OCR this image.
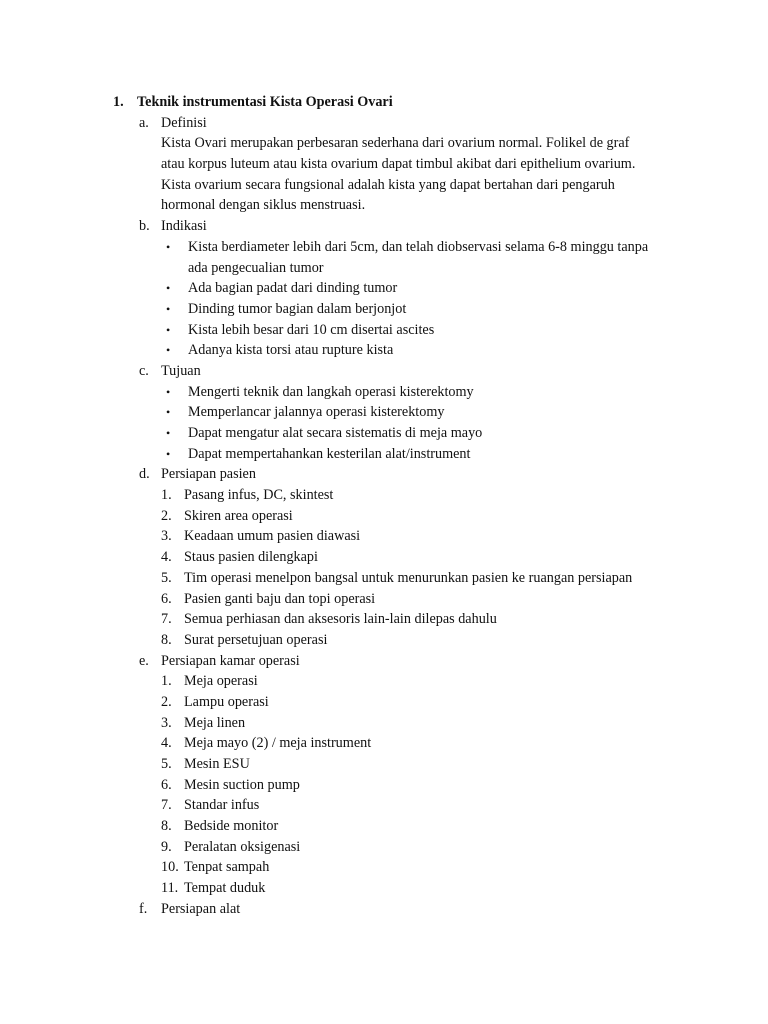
1. Teknik instrumentasi Kista Operasi Ovari
a. Definisi
Kista Ovari merupakan perbesaran sederhana dari ovarium normal. Folikel de graf
atau korpus luteum atau kista ovarium dapat timbul akibat dari epithelium ovarium.
Kista ovarium secara fungsional adalah kista yang dapat bertahan dari pengaruh
hormonal dengan siklus menstruasi.
b. Indikasi
• Kista berdiameter lebih dari 5cm, dan telah diobservasi selama 6-8 minggu tanpa
ada pengecualian tumor
• Ada bagian padat dari dinding tumor
• Dinding tumor bagian dalam berjonjot
• Kista lebih besar dari 10 cm disertai ascites
• Adanya kista torsi atau rupture kista
c. Tujuan
• Mengerti teknik dan langkah operasi kisterektomy
• Memperlancar jalannya operasi kisterektomy
• Dapat mengatur alat secara sistematis di meja mayo
• Dapat mempertahankan kesterilan alat/instrument
d. Persiapan pasien
1. Pasang infus, DC, skintest
2. Skiren area operasi
3. Keadaan umum pasien diawasi
4. Staus pasien dilengkapi
5. Tim operasi menelpon bangsal untuk menurunkan pasien ke ruangan persiapan
6. Pasien ganti baju dan topi operasi
7. Semua perhiasan dan aksesoris lain-lain dilepas dahulu
8. Surat persetujuan operasi
e. Persiapan kamar operasi
1. Meja operasi
2. Lampu operasi
3. Meja linen
4. Meja mayo (2) / meja instrument
5. Mesin ESU
6. Mesin suction pump
7. Standar infus
8. Bedside monitor
9. Peralatan oksigenasi
10. Tenpat sampah
11. Tempat duduk
f. Persiapan alat
